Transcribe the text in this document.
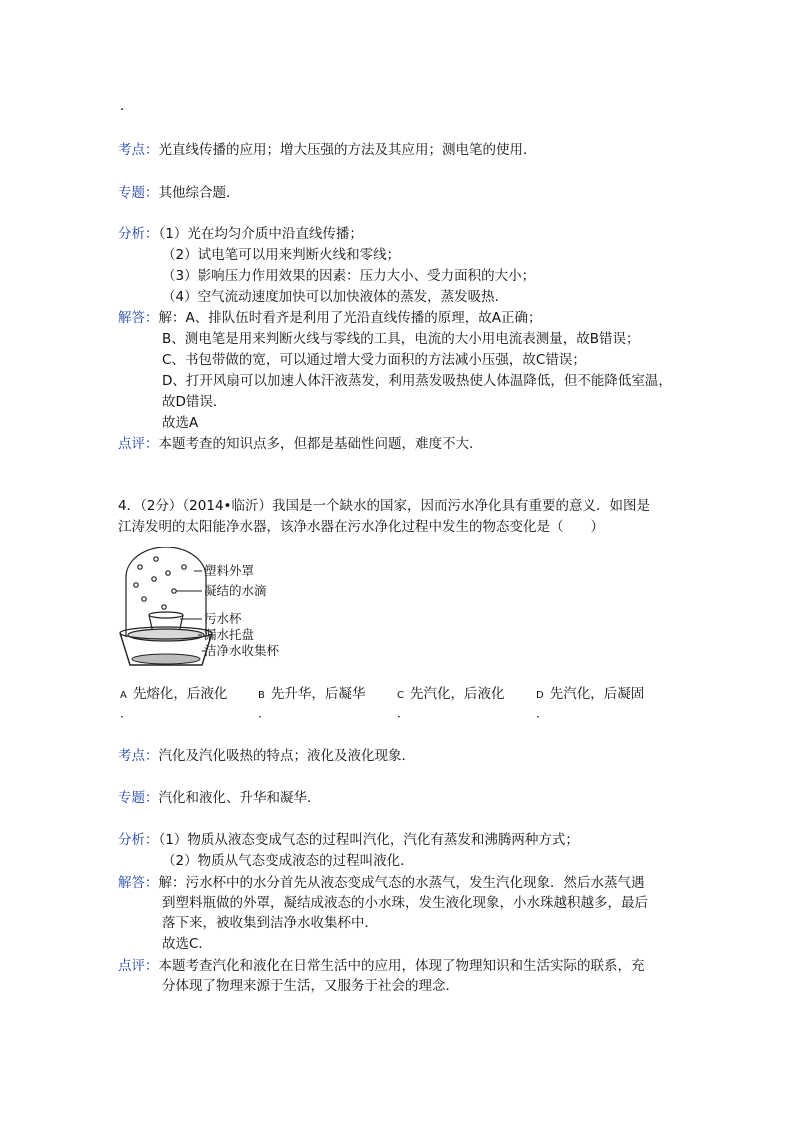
．
考点：光直线传播的应用；增大压强的方法及其应用；测电笔的使用．
专题：其他综合题．
分析：（1）光在均匀介质中沿直线传播；
（2）试电笔可以用来判断火线和零线；
（3）影响压力作用效果的因素：压力大小、受力面积的大小；
（4）空气流动速度加快可以加快液体的蒸发，蒸发吸热．
解答：解：A、排队伍时看齐是利用了光沿直线传播的原理，故A正确；
B、测电笔是用来判断火线与零线的工具，电流的大小用电流表测量，故B错误；
C、书包带做的宽，可以通过增大受力面积的方法减小压强，故C错误；
D、打开风扇可以加速人体汗液蒸发，利用蒸发吸热使人体温降低，但不能降低室温，
故D错误．
故选A
点评：本题考查的知识点多，但都是基础性问题，难度不大．
4．（2分）（2014•临沂）我国是一个缺水的国家，因而污水净化具有重要的意义．如图是
江涛发明的太阳能净水器，该净水器在污水净化过程中发生的物态变化是（　　）
塑料外罩
凝结的水滴
污水杯
漏水托盘
洁净水收集杯
A 先熔化，后液化	B 先升华，后凝华	C 先汽化，后液化	D 先汽化，后凝固
．	．	．	．
考点：汽化及汽化吸热的特点；液化及液化现象．
专题：汽化和液化、升华和凝华．
分析：（1）物质从液态变成气态的过程叫汽化，汽化有蒸发和沸腾两种方式；
（2）物质从气态变成液态的过程叫液化．
解答：解：污水杯中的水分首先从液态变成气态的水蒸气，发生汽化现象．然后水蒸气遇
到塑料瓶做的外罩，凝结成液态的小水珠，发生液化现象，小水珠越积越多，最后
落下来，被收集到洁净水收集杯中．
故选C．
点评：本题考查汽化和液化在日常生活中的应用，体现了物理知识和生活实际的联系，充
分体现了物理来源于生活，又服务于社会的理念．
